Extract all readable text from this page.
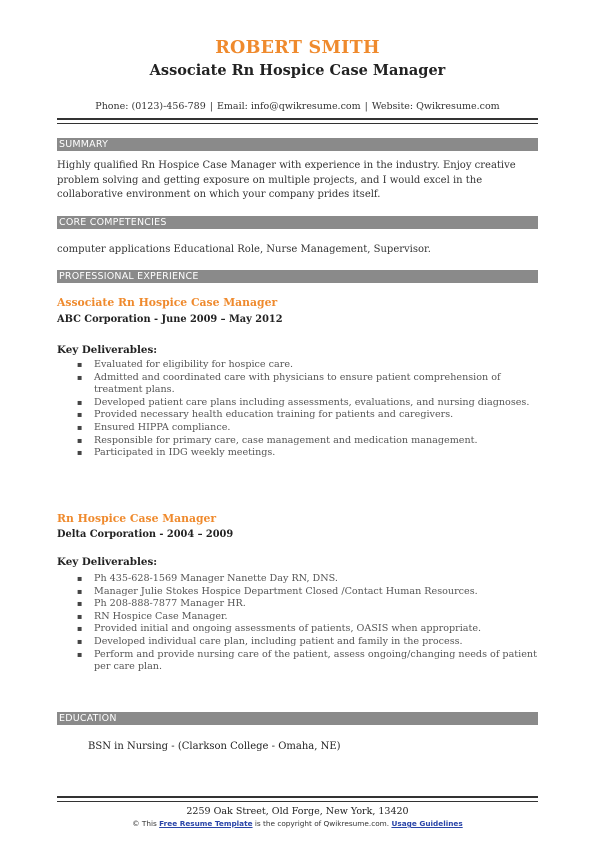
ROBERT SMITH
Associate Rn Hospice Case Manager
Phone: (0123)-456-789 | Email: info@qwikresume.com | Website: Qwikresume.com
SUMMARY
Highly qualified Rn Hospice Case Manager with experience in the industry. Enjoy creative problem solving and getting exposure on multiple projects, and I would excel in the collaborative environment on which your company prides itself.
CORE COMPETENCIES
computer applications Educational Role, Nurse Management, Supervisor.
PROFESSIONAL EXPERIENCE
Associate Rn Hospice Case Manager
ABC Corporation - June 2009 – May 2012
Key Deliverables:
▪ Evaluated for eligibility for hospice care.
▪ Admitted and coordinated care with physicians to ensure patient comprehension of treatment plans.
▪ Developed patient care plans including assessments, evaluations, and nursing diagnoses.
▪ Provided necessary health education training for patients and caregivers.
▪ Ensured HIPPA compliance.
▪ Responsible for primary care, case management and medication management.
▪ Participated in IDG weekly meetings.
Rn Hospice Case Manager
Delta Corporation - 2004 – 2009
Key Deliverables:
▪ Ph 435-628-1569 Manager Nanette Day RN, DNS.
▪ Manager Julie Stokes Hospice Department Closed /Contact Human Resources.
▪ Ph 208-888-7877 Manager HR.
▪ RN Hospice Case Manager.
▪ Provided initial and ongoing assessments of patients, OASIS when appropriate.
▪ Developed individual care plan, including patient and family in the process.
▪ Perform and provide nursing care of the patient, assess ongoing/changing needs of patient per care plan.
EDUCATION
BSN in Nursing - (Clarkson College - Omaha, NE)
2259 Oak Street, Old Forge, New York, 13420
© This Free Resume Template is the copyright of Qwikresume.com. Usage Guidelines
